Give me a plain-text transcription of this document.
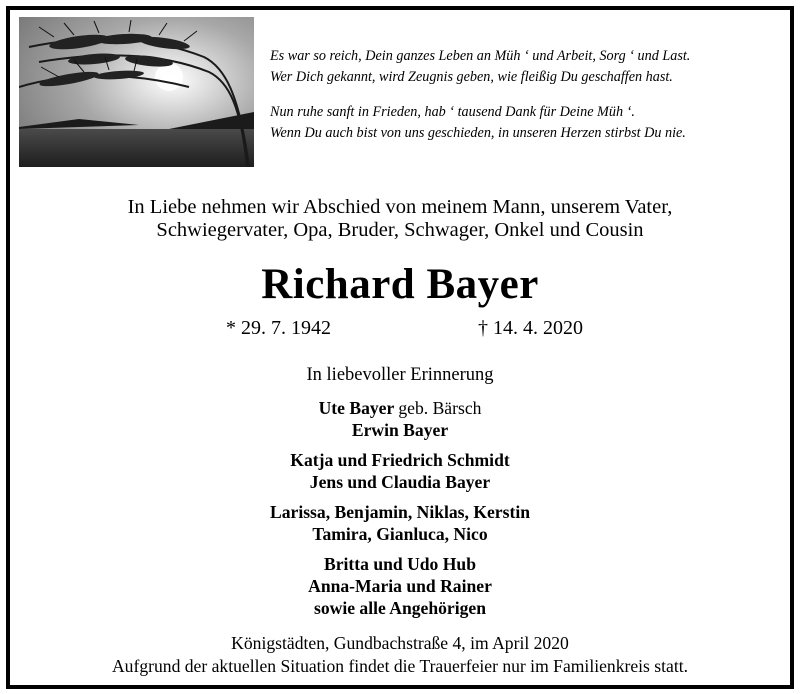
Es war so reich, Dein ganzes Leben an Müh ‘ und Arbeit, Sorg ‘ und Last.
Wer Dich gekannt, wird Zeugnis geben, wie fleißig Du geschaffen hast.
Nun ruhe sanft in Frieden, hab ‘ tausend Dank für Deine Müh ‘.
Wenn Du auch bist von uns geschieden, in unseren Herzen stirbst Du nie.
In Liebe nehmen wir Abschied von meinem Mann, unserem Vater,
Schwiegervater, Opa, Bruder, Schwager, Onkel und Cousin
Richard Bayer
* 29. 7. 1942	† 14. 4. 2020
In liebevoller Erinnerung
Ute Bayer geb. Bärsch
Erwin Bayer
Katja und Friedrich Schmidt
Jens und Claudia Bayer
Larissa, Benjamin, Niklas, Kerstin
Tamira, Gianluca, Nico
Britta und Udo Hub
Anna-Maria und Rainer
sowie alle Angehörigen
Königstädten, Gundbachstraße 4, im April 2020
Aufgrund der aktuellen Situation findet die Trauerfeier nur im Familienkreis statt.
